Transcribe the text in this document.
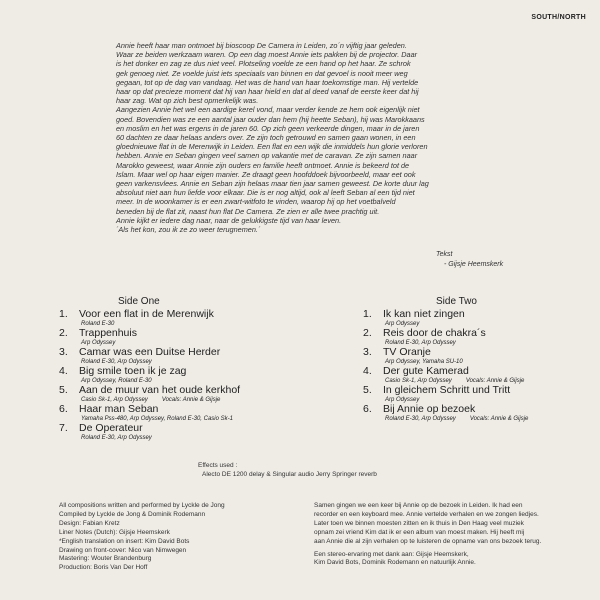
SOUTH/NORTH

Annie heeft haar man ontmoet bij bioscoop De Camera in Leiden, zo´n vijftig jaar geleden.
Waar ze beiden werkzaam waren. Op een dag moest Annie iets pakken bij de projector. Daar
is het donker en zag ze dus niet veel. Plotseling voelde ze een hand op het haar. Ze schrok
gek genoeg niet. Ze voelde juist iets speciaals van binnen en dat gevoel is nooit meer weg
gegaan, tot op de dag van vandaag. Het was de hand van haar toekomstige man. Hij vertelde
haar op dat precieze moment dat hij van haar hield en dat al deed vanaf de eerste keer dat hij
haar zag. Wat op zich best opmerkelijk was.
Aangezien Annie het wel een aardige kerel vond, maar verder kende ze hem ook eigenlijk niet
goed. Bovendien was ze een aantal jaar ouder dan hem (hij heette Seban), hij was Marokkaans
en moslim en het was ergens in de jaren 60. Op zich geen verkeerde dingen, maar in de jaren
60 dachten ze daar helaas anders over. Ze zijn toch getrouwd en samen gaan wonen, in een
gloednieuwe flat in de Merenwijk in Leiden. Een flat en een wijk die inmiddels hun glorie verloren
hebben. Annie en Seban gingen veel samen op vakantie met de caravan. Ze zijn samen naar
Marokko geweest, waar Annie zijn ouders en familie heeft ontmoet. Annie is bekeerd tot de
Islam. Maar wel op haar eigen manier. Ze draagt geen hoofddoek bijvoorbeeld, maar eet ook
geen varkensvlees. Annie en Seban zijn helaas maar tien jaar samen geweest. De korte duur lag
absoluut niet aan hun liefde voor elkaar. Die is er nog altijd, ook al leeft Seban al een tijd niet
meer. In de woonkamer is er een zwart-witfoto te vinden, waarop hij op het voetbalveld
beneden bij de flat zit, naast hun flat De Camera. Ze zien er alle twee prachtig uit.
Annie kijkt er iedere dag naar, naar de gelukkigste tijd van haar leven.
´Als het kon, zou ik ze zo weer terugnemen.´

Tekst
- Gijsje Heemskerk
Side One	Side Two
1. Voor een flat in de Merenwijk
Roland E-30
2. Trappenhuis
Arp Odyssey
3. Camar was een Duitse Herder
Roland E-30, Arp Odyssey
4. Big smile toen ik je zag
Arp Odyssey, Roland E-30
5. Aan de muur van het oude kerkhof
Casio Sk-1, Arp Odyssey Vocals: Annie & Gijsje
6. Haar man Seban
Yamaha Pss-480, Arp Odyssey, Roland E-30, Casio Sk-1
7. De Operateur
Roland E-30, Arp Odyssey
1. Ik kan niet zingen
Arp Odyssey
2. Reis door de chakra´s
Roland E-30, Arp Odyssey
3. TV Oranje
Arp Odyssey, Yamaha SU-10
4. Der gute Kamerad
Casio Sk-1, Arp Odyssey Vocals: Annie & Gijsje
5. In gleichem Schritt und Tritt
Arp Odyssey
6. Bij Annie op bezoek
Roland E-30, Arp Odyssey Vocals: Annie & Gijsje
Effects used :
Alecto DE 1200 delay & Singular audio Jerry Springer reverb
All compositions written and performed by Lyckle de Jong
Compiled by Lyckle de Jong & Dominik Rodemann
Design: Fabian Kretz
Liner Notes (Dutch): Gijsje Heemskerk
*English translation on insert: Kim David Bots
Drawing on front-cover: Nico van Nimwegen
Mastering: Wouter Brandenburg
Production: Boris Van Der Hoff
Samen gingen we een keer bij Annie op de bezoek in Leiden. Ik had een
recorder en een keyboard mee. Annie vertelde verhalen en we zongen liedjes.
Later toen we binnen moesten zitten en ik thuis in Den Haag veel muziek
opnam zei vriend Kim dat ik er een album van moest maken. Hij heeft mij
aan Annie die al zijn verhalen op te luisteren de opname van ons bezoek terug.
Een stereo-ervaring met dank aan: Gijsje Heemskerk,
Kim David Bots, Dominik Rodemann en natuurlijk Annie.
